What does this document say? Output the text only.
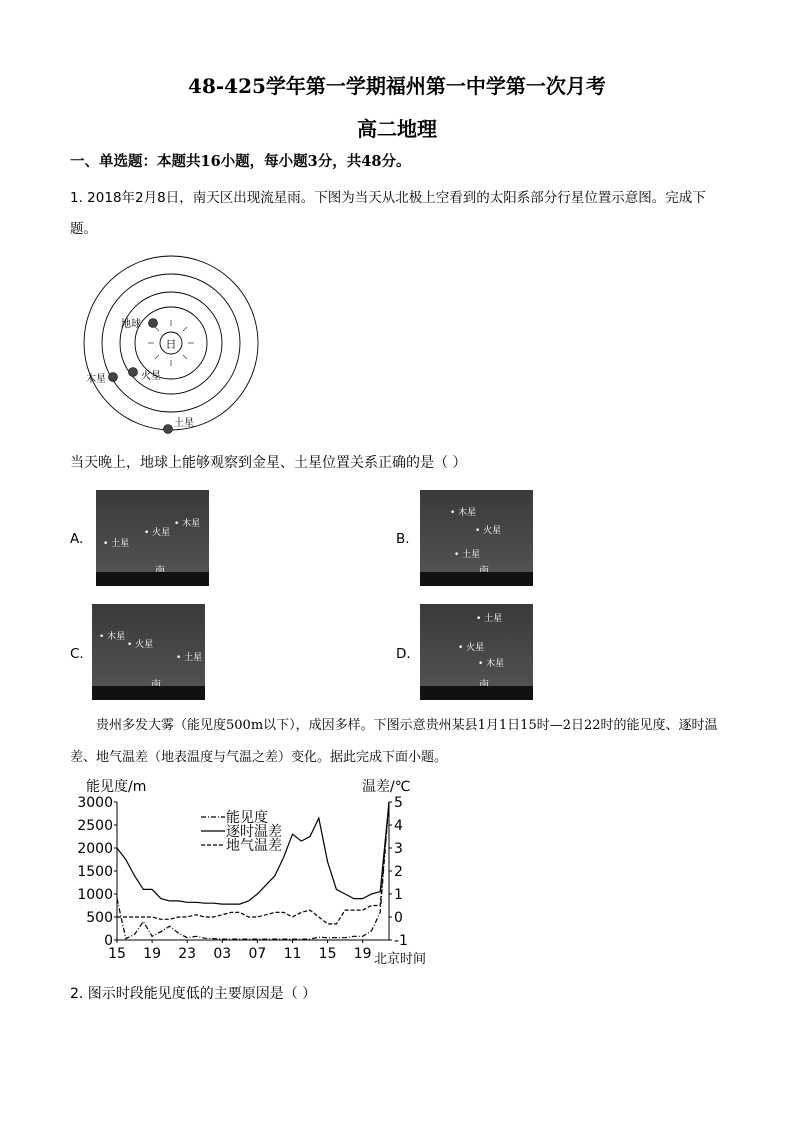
48-425学年第一学期福州第一中学第一次月考
高二地理
一、单选题：本题共16小题，每小题3分，共48分。
1. 2018年2月8日，南天区出现流星雨。下图为当天从北极上空看到的太阳系部分行星位置示意图。完成下题。
日
地球
火星
木星
土星
当天晚上，地球上能够观察到金星、土星位置关系正确的是（ ）
A. • 土星
• 火星
• 木星
B.
• 木星
• 火星
• 土星
C.
• 木星
• 火星
• 土星	D.
• 土星
• 火星
• 木星
贵州多发大雾（能见度500m以下），成因多样。下图示意贵州某县1月1日15时—2日22时的能见度、逐时温差、地气温差（地表温度与气温之差）变化。据此完成下面小题。
3000
2500
2000
1500
1000
500
0
5
4
3
2
1
0
-1
15 19 23 03 07 11 15 19
能见度/m	温差/℃
北京时间
能见度
逐时温差
地气温差
2. 图示时段能见度低的主要原因是（ ）
